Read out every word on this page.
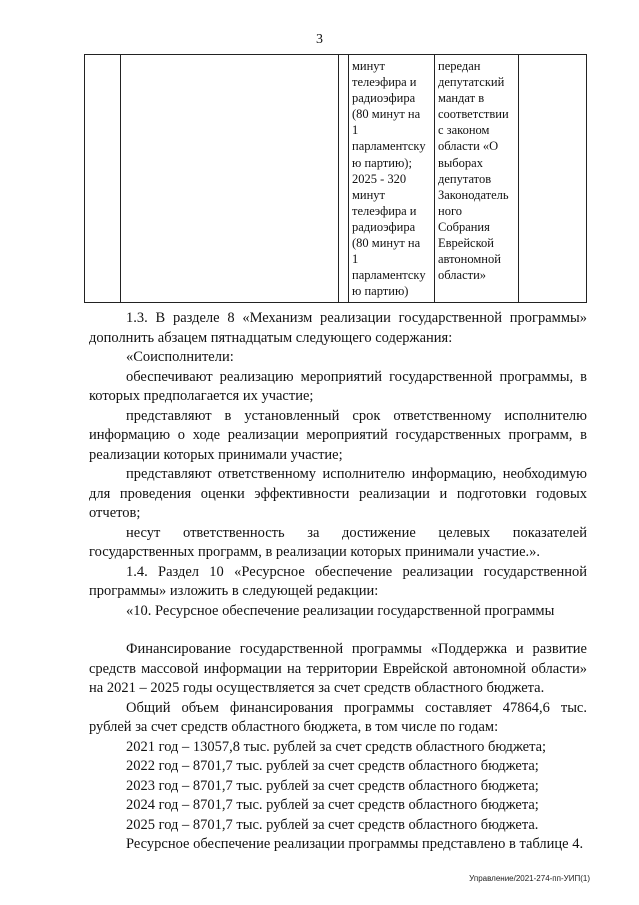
3

минут
телеэфира и
радиоэфира
(80 минут на
1
парламентску
ю партию);
2025 - 320
минут
телеэфира и
радиоэфира
(80 минут на
1
парламентску
ю партию)

передан
депутатский
мандат в
соответствии
с законом
области «О
выборах
депутатов
Законодатель
ного
Собрания
Еврейской
автономной
области»

1.3. В разделе 8 «Механизм реализации государственной программы» дополнить абзацем пятнадцатым следующего содержания:

«Соисполнители:

обеспечивают реализацию мероприятий государственной программы, в которых предполагается их участие;

представляют в установленный срок ответственному исполнителю информацию о ходе реализации мероприятий государственных программ, в реализации которых принимали участие;

представляют ответственному исполнителю информацию, необходимую для проведения оценки эффективности реализации и подготовки годовых отчетов;

несут ответственность за достижение целевых показателей государственных программ, в реализации которых принимали участие.».

1.4. Раздел 10 «Ресурсное обеспечение реализации государственной программы» изложить в следующей редакции:

«10. Ресурсное обеспечение реализации государственной программы

Финансирование государственной программы «Поддержка и развитие средств массовой информации на территории Еврейской автономной области» на 2021 – 2025 годы осуществляется за счет средств областного бюджета.

Общий объем финансирования программы составляет 47864,6 тыс. рублей за счет средств областного бюджета, в том числе по годам:

2021 год – 13057,8 тыс. рублей за счет средств областного бюджета;

2022 год – 8701,7 тыс. рублей за счет средств областного бюджета;

2023 год – 8701,7 тыс. рублей за счет средств областного бюджета;

2024 год – 8701,7 тыс. рублей за счет средств областного бюджета;

2025 год – 8701,7 тыс. рублей за счет средств областного бюджета.

Ресурсное обеспечение реализации программы представлено в таблице 4.

Управление/2021-274-пп-УИП(1)
